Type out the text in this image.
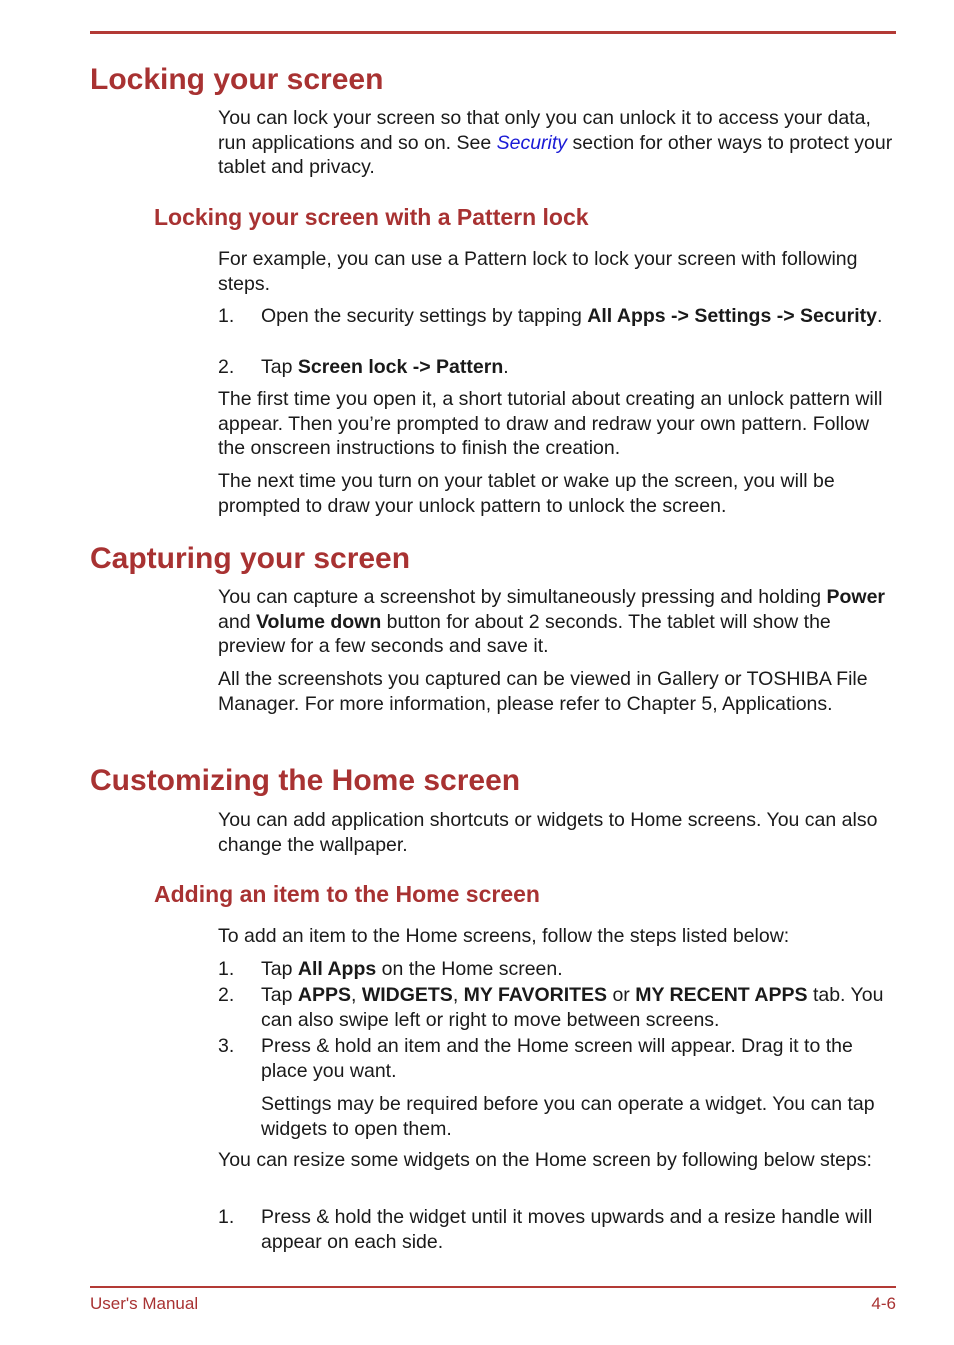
Locking your screen

You can lock your screen so that only you can unlock it to access your data, run applications and so on. See Security section for other ways to protect your tablet and privacy.

Locking your screen with a Pattern lock

For example, you can use a Pattern lock to lock your screen with following steps.

1.	Open the security settings by tapping All Apps -> Settings -> Security.
2.	Tap Screen lock -> Pattern.

The first time you open it, a short tutorial about creating an unlock pattern will appear. Then you’re prompted to draw and redraw your own pattern. Follow the onscreen instructions to finish the creation.

The next time you turn on your tablet or wake up the screen, you will be prompted to draw your unlock pattern to unlock the screen.

Capturing your screen

You can capture a screenshot by simultaneously pressing and holding Power and Volume down button for about 2 seconds. The tablet will show the preview for a few seconds and save it.

All the screenshots you captured can be viewed in Gallery or TOSHIBA File Manager. For more information, please refer to Chapter 5, Applications.

Customizing the Home screen

You can add application shortcuts or widgets to Home screens. You can also change the wallpaper.

Adding an item to the Home screen

To add an item to the Home screens, follow the steps listed below:

1.	Tap All Apps on the Home screen.
2.	Tap APPS, WIDGETS, MY FAVORITES or MY RECENT APPS tab. You can also swipe left or right to move between screens.
3.	Press & hold an item and the Home screen will appear. Drag it to the place you want.

Settings may be required before you can operate a widget. You can tap widgets to open them.

You can resize some widgets on the Home screen by following below steps:

1.	Press & hold the widget until it moves upwards and a resize handle will appear on each side.
User's Manual	4-6
